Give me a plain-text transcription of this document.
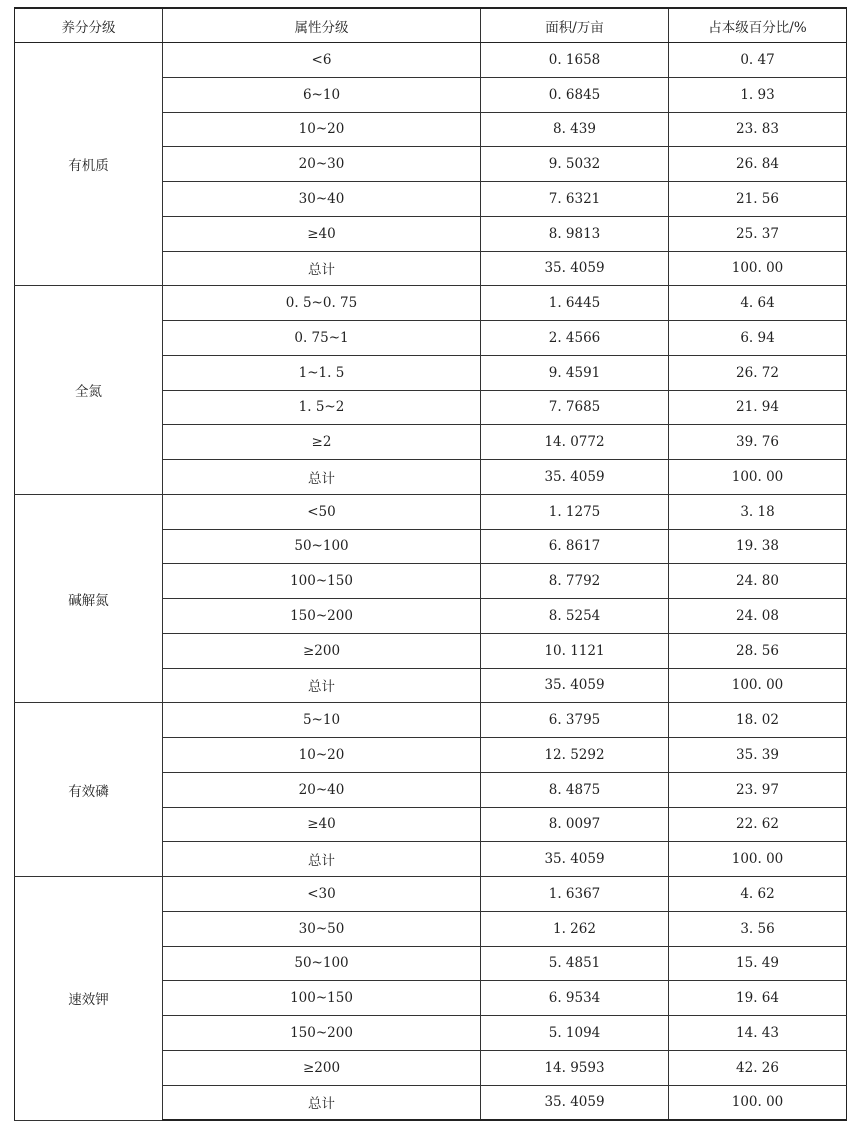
养分分级	属性分级	面积/万亩	占本级百分比/%
有机质	<6	0. 1658	0. 47
	6~10	0. 6845	1. 93
	10~20	8. 439	23. 83
	20~30	9. 5032	26. 84
	30~40	7. 6321	21. 56
	≥40	8. 9813	25. 37
	总计	35. 4059	100. 00
全氮	0. 5~0. 75	1. 6445	4. 64
	0. 75~1	2. 4566	6. 94
	1~1. 5	9. 4591	26. 72
	1. 5~2	7. 7685	21. 94
	≥2	14. 0772	39. 76
	总计	35. 4059	100. 00
碱解氮	<50	1. 1275	3. 18
	50~100	6. 8617	19. 38
	100~150	8. 7792	24. 80
	150~200	8. 5254	24. 08
	≥200	10. 1121	28. 56
	总计	35. 4059	100. 00
有效磷	5~10	6. 3795	18. 02
	10~20	12. 5292	35. 39
	20~40	8. 4875	23. 97
	≥40	8. 0097	22. 62
	总计	35. 4059	100. 00
速效钾	<30	1. 6367	4. 62
	30~50	1. 262	3. 56
	50~100	5. 4851	15. 49
	100~150	6. 9534	19. 64
	150~200	5. 1094	14. 43
	≥200	14. 9593	42. 26
	总计	35. 4059	100. 00
